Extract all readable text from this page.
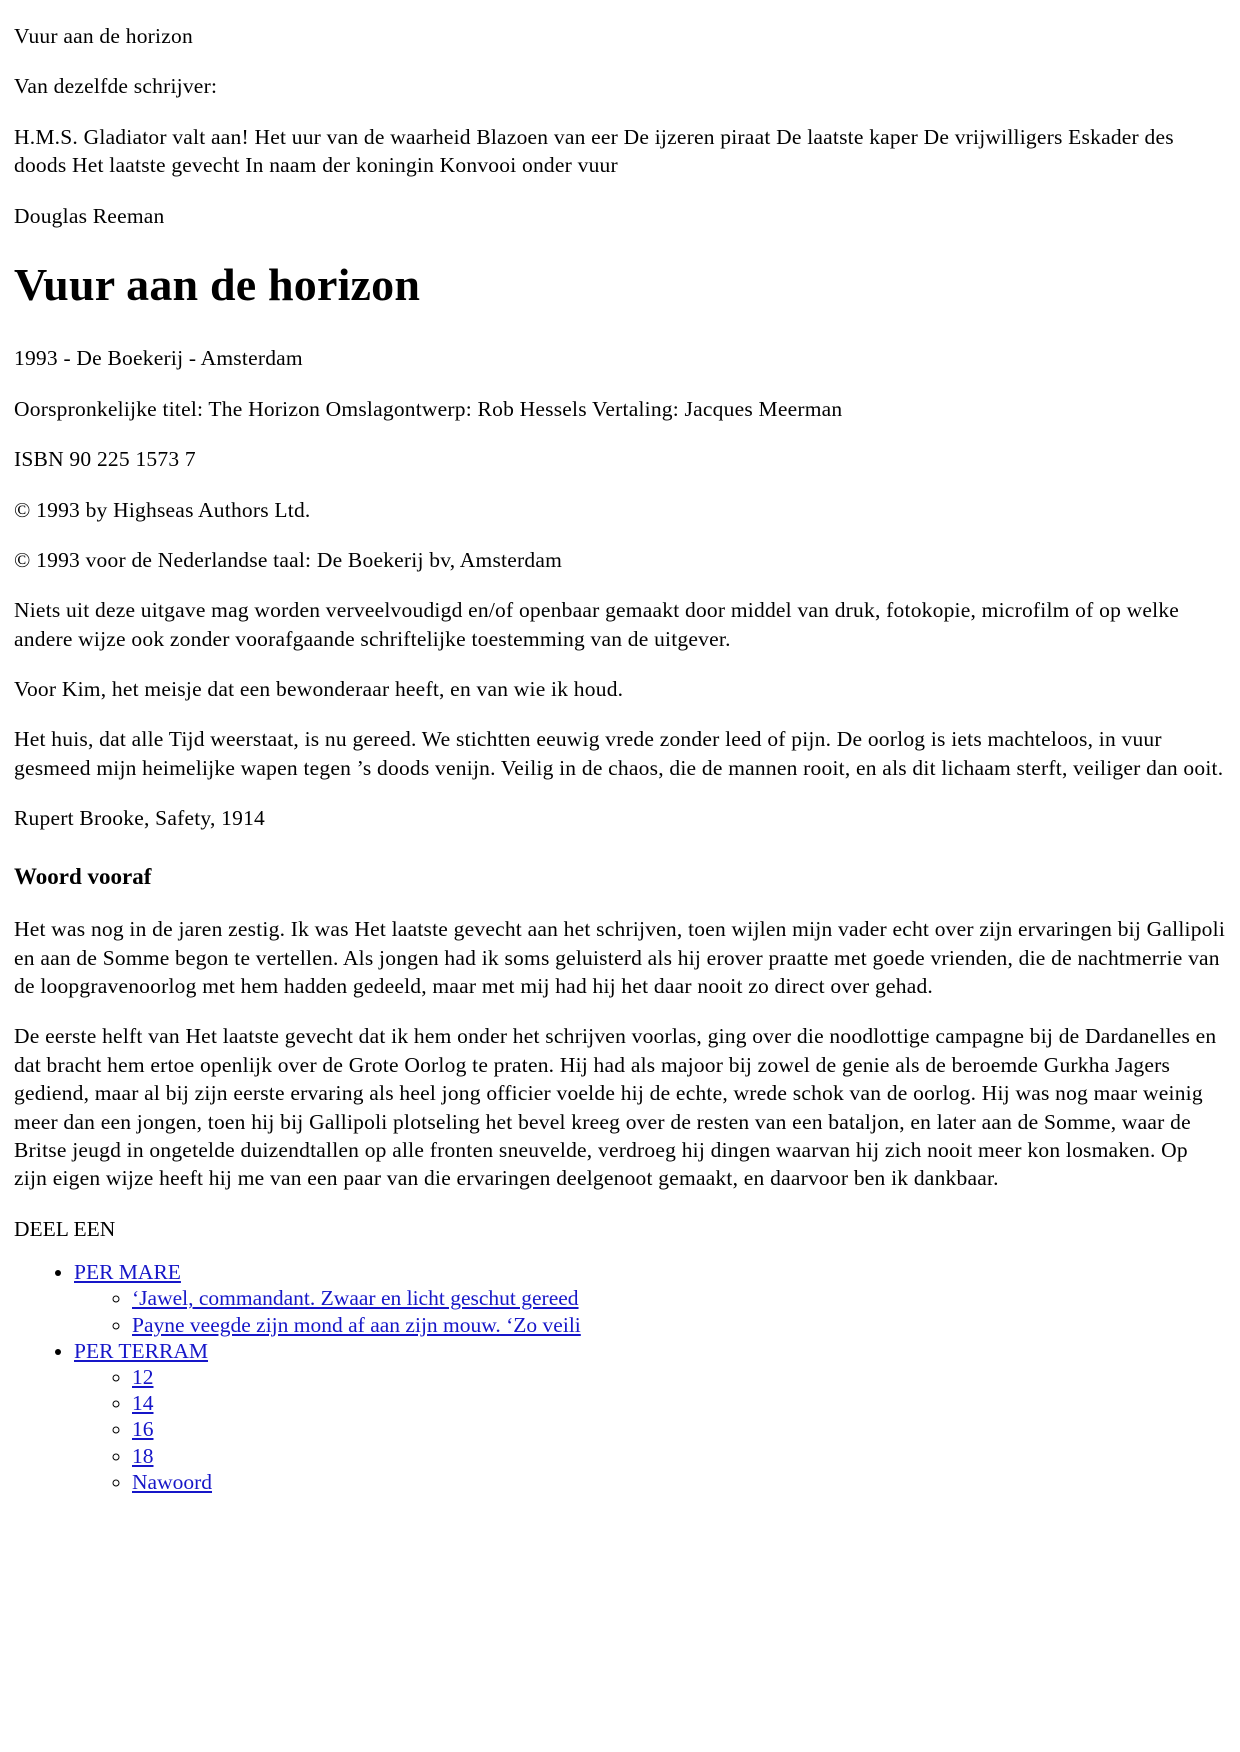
Vuur aan de horizon

Van dezelfde schrijver:

H.M.S. Gladiator valt aan! Het uur van de waarheid Blazoen van eer De ijzeren piraat De laatste kaper De vrijwilligers Eskader des doods Het laatste gevecht In naam der koningin Konvooi onder vuur

Douglas Reeman

Vuur aan de horizon

1993 - De Boekerij - Amsterdam

Oorspronkelijke titel: The Horizon Omslagontwerp: Rob Hessels Vertaling: Jacques Meerman

ISBN 90 225 1573 7

© 1993 by Highseas Authors Ltd.

© 1993 voor de Nederlandse taal: De Boekerij bv, Amsterdam

Niets uit deze uitgave mag worden verveelvoudigd en/of openbaar gemaakt door middel van druk, fotokopie, microfilm of op welke andere wijze ook zonder voorafgaande schriftelijke toestemming van de uitgever.

Voor Kim, het meisje dat een bewonderaar heeft, en van wie ik houd.

Het huis, dat alle Tijd weerstaat, is nu gereed. We stichtten eeuwig vrede zonder leed of pijn. De oorlog is iets machteloos, in vuur gesmeed mijn heimelijke wapen tegen ’s doods venijn. Veilig in de chaos, die de mannen rooit, en als dit lichaam sterft, veiliger dan ooit.

Rupert Brooke, Safety, 1914

Woord vooraf

Het was nog in de jaren zestig. Ik was Het laatste gevecht aan het schrijven, toen wijlen mijn vader echt over zijn ervaringen bij Gallipoli en aan de Somme begon te vertellen. Als jongen had ik soms geluisterd als hij erover praatte met goede vrienden, die de nachtmerrie van de loopgravenoorlog met hem hadden gedeeld, maar met mij had hij het daar nooit zo direct over gehad.

De eerste helft van Het laatste gevecht dat ik hem onder het schrijven voorlas, ging over die noodlottige campagne bij de Dardanelles en dat bracht hem ertoe openlijk over de Grote Oorlog te praten. Hij had als majoor bij zowel de genie als de beroemde Gurkha Jagers gediend, maar al bij zijn eerste ervaring als heel jong officier voelde hij de echte, wrede schok van de oorlog. Hij was nog maar weinig meer dan een jongen, toen hij bij Gallipoli plotseling het bevel kreeg over de resten van een bataljon, en later aan de Somme, waar de Britse jeugd in ongetelde duizendtallen op alle fronten sneuvelde, verdroeg hij dingen waarvan hij zich nooit meer kon losmaken. Op zijn eigen wijze heeft hij me van een paar van die ervaringen deelgenoot gemaakt, en daarvoor ben ik dankbaar.

DEEL EEN

• PER MARE
◦ ‘Jawel, commandant. Zwaar en licht geschut gereed
◦ Payne veegde zijn mond af aan zijn mouw. ‘Zo veili
• PER TERRAM
◦ 12
◦ 14
◦ 16
◦ 18
◦ Nawoord
